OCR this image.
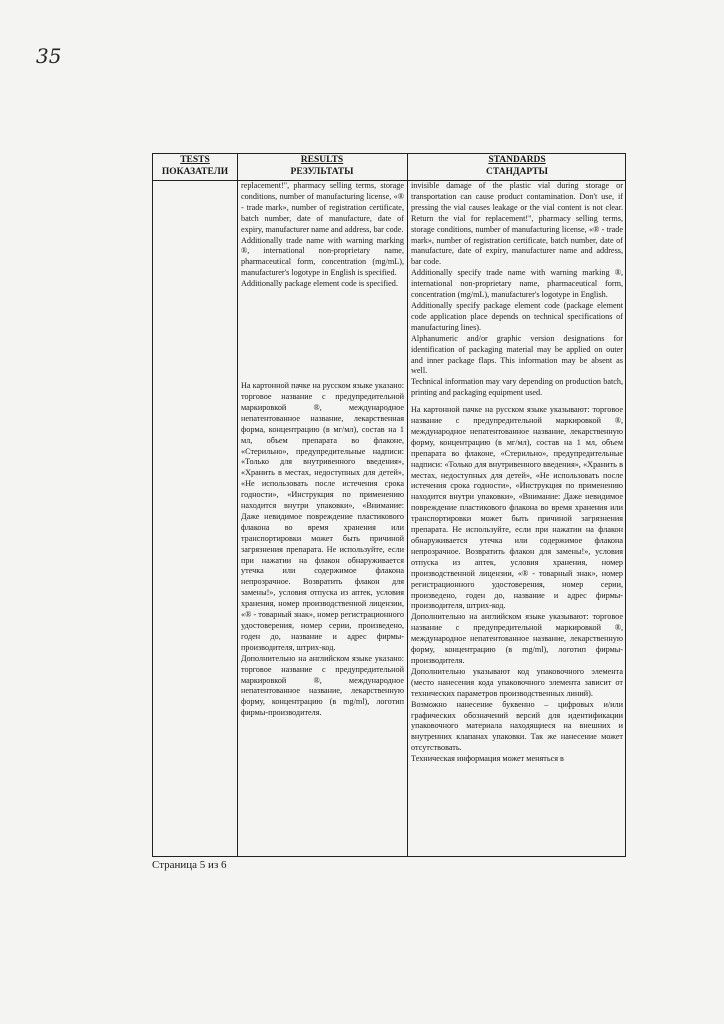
35
TESTS
ПОКАЗАТЕЛИ
RESULTS
РЕЗУЛЬТАТЫ
STANDARDS
СТАНДАРТЫ

replacement!", pharmacy selling terms, storage conditions, number of manufacturing license, «® - trade mark», number of registration certificate, batch number, date of manufacture, date of expiry, manufacturer name and address, bar code.

Additionally trade name with warning marking ®, international non-proprietary name, pharmaceutical form, concentration (mg/mL), manufacturer's logotype in English is specified.

Additionally package element code is specified.

На картонной пачке на русском языке указано: торговое название с предупредительной маркировкой ®, международное непатентованное название, лекарственная форма, концентрацию (в мг/мл), состав на 1 мл, объем препарата во флаконе, «Стерильно», предупредительные надписи: «Только для внутривенного введения», «Хранить в местах, недоступных для детей», «Не использовать после истечения срока годности», «Инструкция по применению находится внутри упаковки», «Внимание: Даже невидимое повреждение пластикового флакона во время хранения или транспортировки может быть причиной загрязнения препарата. Не используйте, если при нажатии на флакон обнаруживается утечка или содержимое флакона непрозрачное. Возвратить флакон для замены!», условия отпуска из аптек, условия хранения, номер производственной лицензии, «® - товарный знак», номер регистрационного удостоверения, номер серии, произведено, годен до, название и адрес фирмы-производителя, штрих-код.

Дополнительно на английском языке указано: торговое название с предупредительной маркировкой ®, международное непатентованное название, лекарственную форму, концентрацию (в mg/ml), логотип фирмы-производителя.

invisible damage of the plastic vial during storage or transportation can cause product contamination. Don't use, if pressing the vial causes leakage or the vial content is not clear. Return the vial for replacement!", pharmacy selling terms, storage conditions, number of manufacturing license, «® - trade mark», number of registration certificate, batch number, date of manufacture, date of expiry, manufacturer name and address, bar code.

Additionally specify trade name with warning marking ®, international non-proprietary name, pharmaceutical form, concentration (mg/mL), manufacturer's logotype in English.

Additionally specify package element code (package element code application place depends on technical specifications of manufacturing lines).

Alphanumeric and/or graphic version designations for identification of packaging material may be applied on outer and inner package flaps. This information may be absent as well.

Technical information may vary depending on production batch, printing and packaging equipment used.

На картонной пачке на русском языке указывают: торговое название с предупредительной маркировкой ®, международное непатентованное название, лекарственную форму, концентрацию (в мг/мл), состав на 1 мл, объем препарата во флаконе, «Стерильно», предупредительные надписи: «Только для внутривенного введения», «Хранить в местах, недоступных для детей», «Не использовать после истечения срока годности», «Инструкция по применению находится внутри упаковки», «Внимание: Даже невидимое повреждение пластикового флакона во время хранения или транспортировки может быть причиной загрязнения препарата. Не используйте, если при нажатии на флакон обнаруживается утечка или содержимое флакона непрозрачное. Возвратить флакон для замены!», условия отпуска из аптек, условия хранения, номер производственной лицензии, «® - товарный знак», номер регистрационного удостоверения, номер серии, произведено, годен до, название и адрес фирмы-производителя, штрих-код.

Дополнительно на английском языке указывают: торговое название с предупредительной маркировкой ®, международное непатентованное название, лекарственную форму, концентрацию (в mg/ml), логотип фирмы-производителя.

Дополнительно указывают код упаковочного элемента (место нанесения кода упаковочного элемента зависит от технических параметров производственных линий).

Возможно нанесение буквенно – цифровых и/или графических обозначений версий для идентификации упаковочного материала находящиеся на внешних и внутренних клапанах упаковки. Так же нанесение может отсутствовать.

Техническая информация может меняться в

Страница 5 из 6
